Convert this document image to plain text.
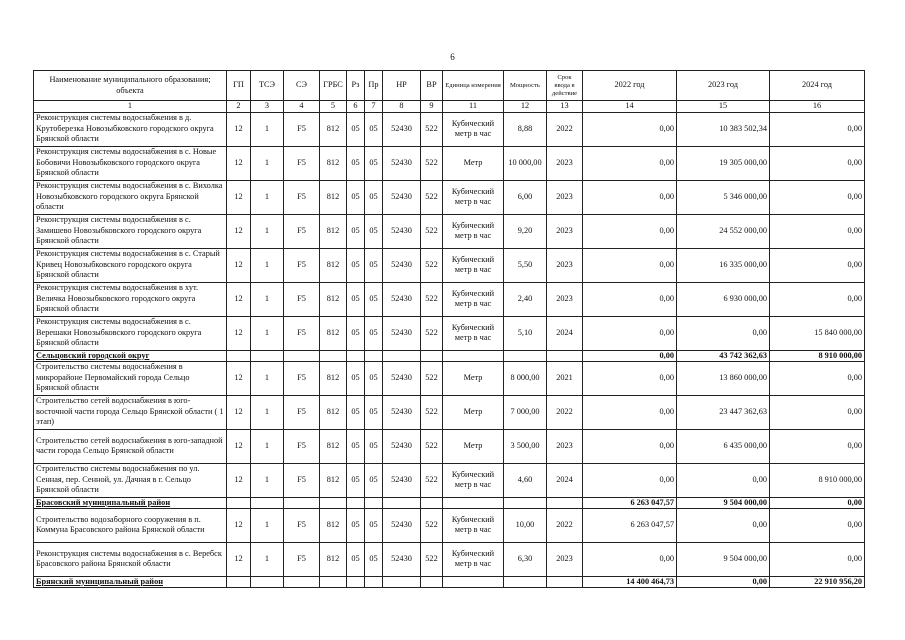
6
Наименование муниципального образования; объекта	ГП	ТСЭ	СЭ	ГРБС	Рз	Пр	НР	ВР	Единица измерения	Мощность	Срок ввода в действие	2022 год	2023 год	2024 год
1	2	3	4	5	6	7	8	9	11	12	13	14	15	16
Реконструкция системы водоснабжения в д. Крутоберезка Новозыбковского городского округа Брянской области	12	1	F5	812	05	05	52430	522	Кубический метр в час	8,88	2022	0,00	10 383 502,34	0,00
Реконструкция системы водоснабжения в с. Новые Бобовичи Новозыбковского городского округа Брянской области	12	1	F5	812	05	05	52430	522	Метр	10 000,00	2023	0,00	19 305 000,00	0,00
Реконструкция системы водоснабжения в с. Вихолка Новозыбковского городского округа Брянской области	12	1	F5	812	05	05	52430	522	Кубический метр в час	6,00	2023	0,00	5 346 000,00	0,00
Реконструкция системы водоснабжения в с. Замишево Новозыбковского городского округа Брянской области	12	1	F5	812	05	05	52430	522	Кубический метр в час	9,20	2023	0,00	24 552 000,00	0,00
Реконструкция системы водоснабжения в с. Старый Кривец Новозыбковского городского округа Брянской области	12	1	F5	812	05	05	52430	522	Кубический метр в час	5,50	2023	0,00	16 335 000,00	0,00
Реконструкция системы водоснабжения в хут. Величка Новозыбковского городского округа Брянской области	12	1	F5	812	05	05	52430	522	Кубический метр в час	2,40	2023	0,00	6 930 000,00	0,00
Реконструкция системы водоснабжения в с. Верешаки Новозыбковского городского округа Брянской области	12	1	F5	812	05	05	52430	522	Кубический метр в час	5,10	2024	0,00	0,00	15 840 000,00
Сельцовский городской округ												0,00	43 742 362,63	8 910 000,00
Строительство системы водоснабжения в микрорайоне Первомайский города Сельцо Брянской области	12	1	F5	812	05	05	52430	522	Метр	8 000,00	2021	0,00	13 860 000,00	0,00
Строительство сетей водоснабжения в юго-восточной части города Сельцо Брянской области ( 1 этап)	12	1	F5	812	05	05	52430	522	Метр	7 000,00	2022	0,00	23 447 362,63	0,00
Строительство сетей водоснабжения в юго-западной части города Сельцо Брянской области	12	1	F5	812	05	05	52430	522	Метр	3 500,00	2023	0,00	6 435 000,00	0,00
Строительство системы водоснабжения по ул. Сенная, пер. Сенной, ул. Дачная в г. Сельцо Брянской области	12	1	F5	812	05	05	52430	522	Кубический метр в час	4,60	2024	0,00	0,00	8 910 000,00
Брасовский муниципальный район												6 263 047,57	9 504 000,00	0,00
Строительство водозаборного сооружения в п. Коммуна Брасовского района Брянской области	12	1	F5	812	05	05	52430	522	Кубический метр в час	10,00	2022	6 263 047,57	0,00	0,00
Реконструкция системы водоснабжения в с. Веребск Брасовского района Брянской области	12	1	F5	812	05	05	52430	522	Кубический метр в час	6,30	2023	0,00	9 504 000,00	0,00
Брянский муниципальный район												14 400 464,73	0,00	22 910 956,20
